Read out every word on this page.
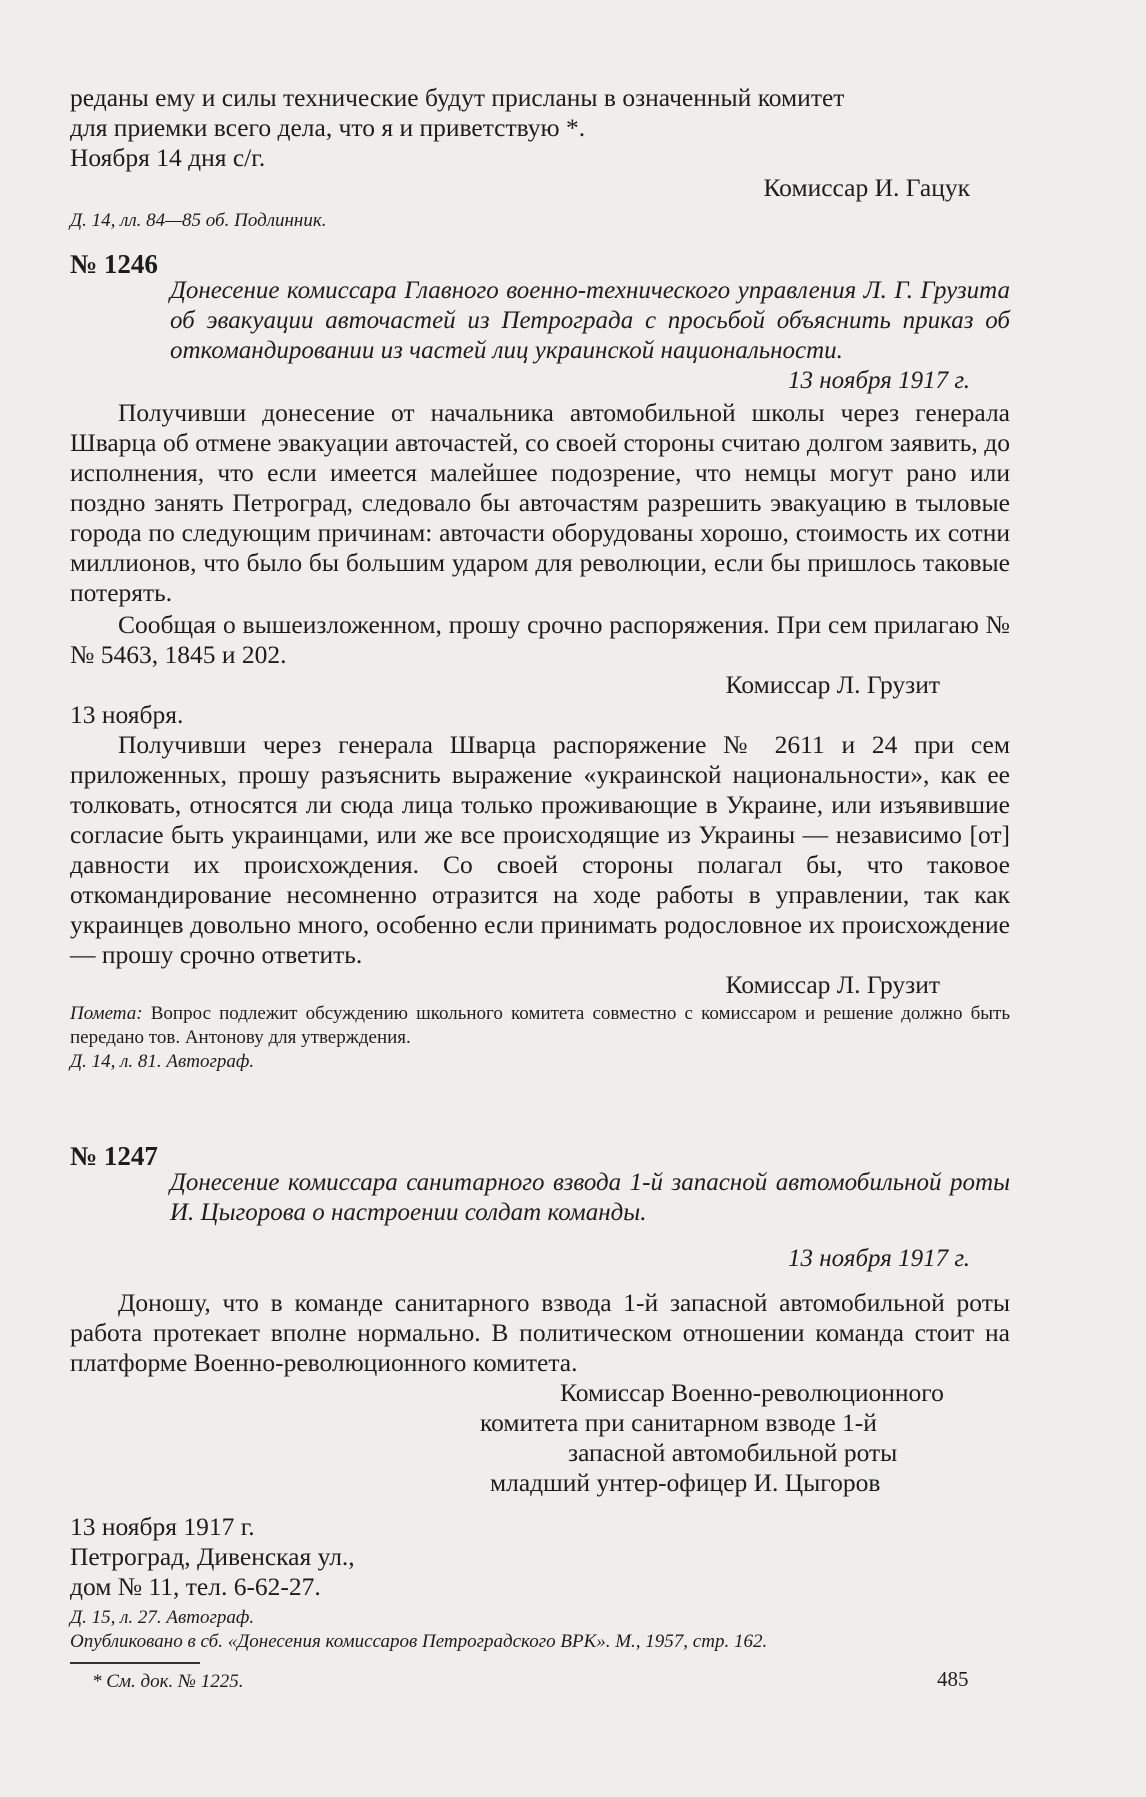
реданы ему и силы технические будут присланы в означенный комитет

для приемки всего дела, что я и приветствую *.

Ноября 14 дня с/г.

Комиссар И. Гацук

Д. 14, лл. 84—85 об. Подлинник.

№ 1246

Донесение комиссара Главного военно-технического управления Л. Г. Грузита об эвакуации авточастей из Петрограда с просьбой объяснить приказ об откомандировании из частей лиц украинской национальности.

13 ноября 1917 г.

Получивши донесение от начальника автомобильной школы через генерала Шварца об отмене эвакуации авточастей, со своей стороны считаю долгом заявить, до исполнения, что если имеется малейшее подозрение, что немцы могут рано или поздно занять Петроград, следовало бы авточастям разрешить эвакуацию в тыловые города по следующим причинам: авточасти оборудованы хорошо, стоимость их сотни миллионов, что было бы большим ударом для революции, если бы пришлось таковые потерять.

Сообщая о вышеизложенном, прошу срочно распоряжения. При сем прилагаю №№ 5463, 1845 и 202.

Комиссар Л. Грузит

13 ноября.

Получивши через генерала Шварца распоряжение № 2611 и 24 при сем приложенных, прошу разъяснить выражение «украинской национальности», как ее толковать, относятся ли сюда лица только проживающие в Украине, или изъявившие согласие быть украинцами, или же все происходящие из Украины — независимо [от] давности их происхождения. Со своей стороны полагал бы, что таковое откомандирование несомненно отразится на ходе работы в управлении, так как украинцев довольно много, особенно если принимать родословное их происхождение — прошу срочно ответить.

Комиссар Л. Грузит

Помета: Вопрос подлежит обсуждению школьного комитета совместно с комиссаром и решение должно быть передано тов. Антонову для утверждения.

Д. 14, л. 81. Автограф.

№ 1247

Донесение комиссара санитарного взвода 1-й запасной автомобильной роты И. Цыгорова о настроении солдат команды.

13 ноября 1917 г.

Доношу, что в команде санитарного взвода 1-й запасной автомобильной роты работа протекает вполне нормально. В политическом отношении команда стоит на платформе Военно-революционного комитета.

Комиссар Военно-революционного

комитета при санитарном взводе 1-й

запасной автомобильной роты

младший унтер-офицер И. Цыгоров

13 ноября 1917 г.

Петроград, Дивенская ул.,

дом № 11, тел. 6-62-27.

Д. 15, л. 27. Автограф.

Опубликовано в сб. «Донесения комиссаров Петроградского ВРК». М., 1957, стр. 162.

* См. док. № 1225.	485
